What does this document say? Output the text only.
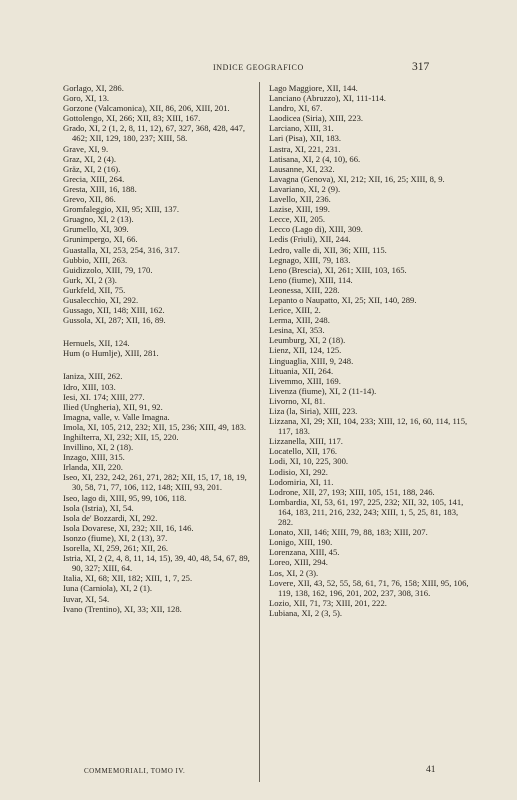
INDICE GEOGRAFICO	317
Gorlago, XI, 286.
Goro, XI, 13.
Gorzone (Valcamonica), XII, 86, 206, XIII, 201.
Gottolengo, XI, 266; XII, 83; XIII, 167.
Grado, XI, 2 (1, 2, 8, 11, 12), 67, 327, 368, 428, 447, 462; XII, 129, 180, 237; XIII, 58.
Grave, XI, 9.
Graz, XI, 2 (4).
Gräz, XI, 2 (16).
Grecia, XIII, 264.
Gresta, XIII, 16, 188.
Grevo, XII, 86.
Gromfaleggio, XII, 95; XIII, 137.
Gruagno, XI, 2 (13).
Grumello, XI, 309.
Grunimpergo, XI, 66.
Guastalla, XI, 253, 254, 316, 317.
Gubbio, XIII, 263.
Guidizzolo, XIII, 79, 170.
Gurk, XI, 2 (3).
Gurkfeld, XII, 75.
Gusalecchio, XI, 292.
Gussago, XII, 148; XIII, 162.
Gussola, XI, 287; XII, 16, 89.
Hernuels, XII, 124.
Hum (o Humlje), XIII, 281.
Ianiza, XIII, 262.
Idro, XIII, 103.
Iesi, XI. 174; XIII, 277.
Ilied (Ungheria), XII, 91, 92.
Imagna, valle, v. Valle Imagna.
Imola, XI, 105, 212, 232; XII, 15, 236; XIII, 49, 183.
Inghilterra, XI, 232; XII, 15, 220.
Invillino, XI, 2 (18).
Inzago, XIII, 315.
Irlanda, XII, 220.
Iseo, XI, 232, 242, 261, 271, 282; XII, 15, 17, 18, 19, 30, 58, 71, 77, 106, 112, 148; XIII, 93, 201.
Iseo, lago di, XIII, 95, 99, 106, 118.
Isola (Istria), XI, 54.
Isola de' Bozzardi, XI, 292.
Isola Dovarese, XI, 232; XII, 16, 146.
Isonzo (fiume), XI, 2 (13), 37.
Isorella, XI, 259, 261; XII, 26.
Istria, XI, 2 (2, 4, 8, 11, 14, 15), 39, 40, 48, 54, 67, 89, 90, 327; XIII, 64.
Italia, XI, 68; XII, 182; XIII, 1, 7, 25.
Iuna (Carniola), XI, 2 (1).
Iuvar, XI, 54.
Ivano (Trentino), XI, 33; XII, 128.
Lago Maggiore, XII, 144.
Lanciano (Abruzzo), XI, 111-114.
Landro, XI, 67.
Laodicea (Siria), XIII, 223.
Larciano, XIII, 31.
Lari (Pisa), XII, 183.
Lastra, XI, 221, 231.
Latisana, XI, 2 (4, 10), 66.
Lausanne, XI, 232.
Lavagna (Genova), XI, 212; XII, 16, 25; XIII, 8, 9.
Lavariano, XI, 2 (9).
Lavello, XII, 236.
Lazise, XIII, 199.
Lecce, XII, 205.
Lecco (Lago di), XIII, 309.
Ledis (Friuli), XII, 244.
Ledro, valle di, XII, 36; XIII, 115.
Legnago, XIII, 79, 183.
Leno (Brescia), XI, 261; XIII, 103, 165.
Leno (fiume), XIII, 114.
Leonessa, XIII, 228.
Lepanto o Naupatto, XI, 25; XII, 140, 289.
Lerice, XIII, 2.
Lerma, XIII, 248.
Lesina, XI, 353.
Leumburg, XI, 2 (18).
Lienz, XII, 124, 125.
Linguaglia, XIII, 9, 248.
Lituania, XII, 264.
Livemmo, XIII, 169.
Livenza (fiume), XI, 2 (11-14).
Livorno, XI, 81.
Liza (la, Siria), XIII, 223.
Lizzana, XI, 29; XII, 104, 233; XIII, 12, 16, 60, 114, 115, 117, 183.
Lizzanella, XIII, 117.
Locatello, XII, 176.
Lodi, XI, 10, 225, 300.
Lodisio, XI, 292.
Lodomiria, XI, 11.
Lodrone, XII, 27, 193; XIII, 105, 151, 188, 246.
Lombardia, XI, 53, 61, 197, 225, 232; XII, 32, 105, 141, 164, 183, 211, 216, 232, 243; XIII, 1, 5, 25, 81, 183, 282.
Lonato, XII, 146; XIII, 79, 88, 183; XIII, 207.
Lonigo, XIII, 190.
Lorenzana, XIII, 45.
Loreo, XIII, 294.
Los, XI, 2 (3).
Lovere, XII, 43, 52, 55, 58, 61, 71, 76, 158; XIII, 95, 106, 119, 138, 162, 196, 201, 202, 237, 308, 316.
Lozio, XII, 71, 73; XIII, 201, 222.
Lubiana, XI, 2 (3, 5).
COMMEMORIALI, TOMO IV.	41
